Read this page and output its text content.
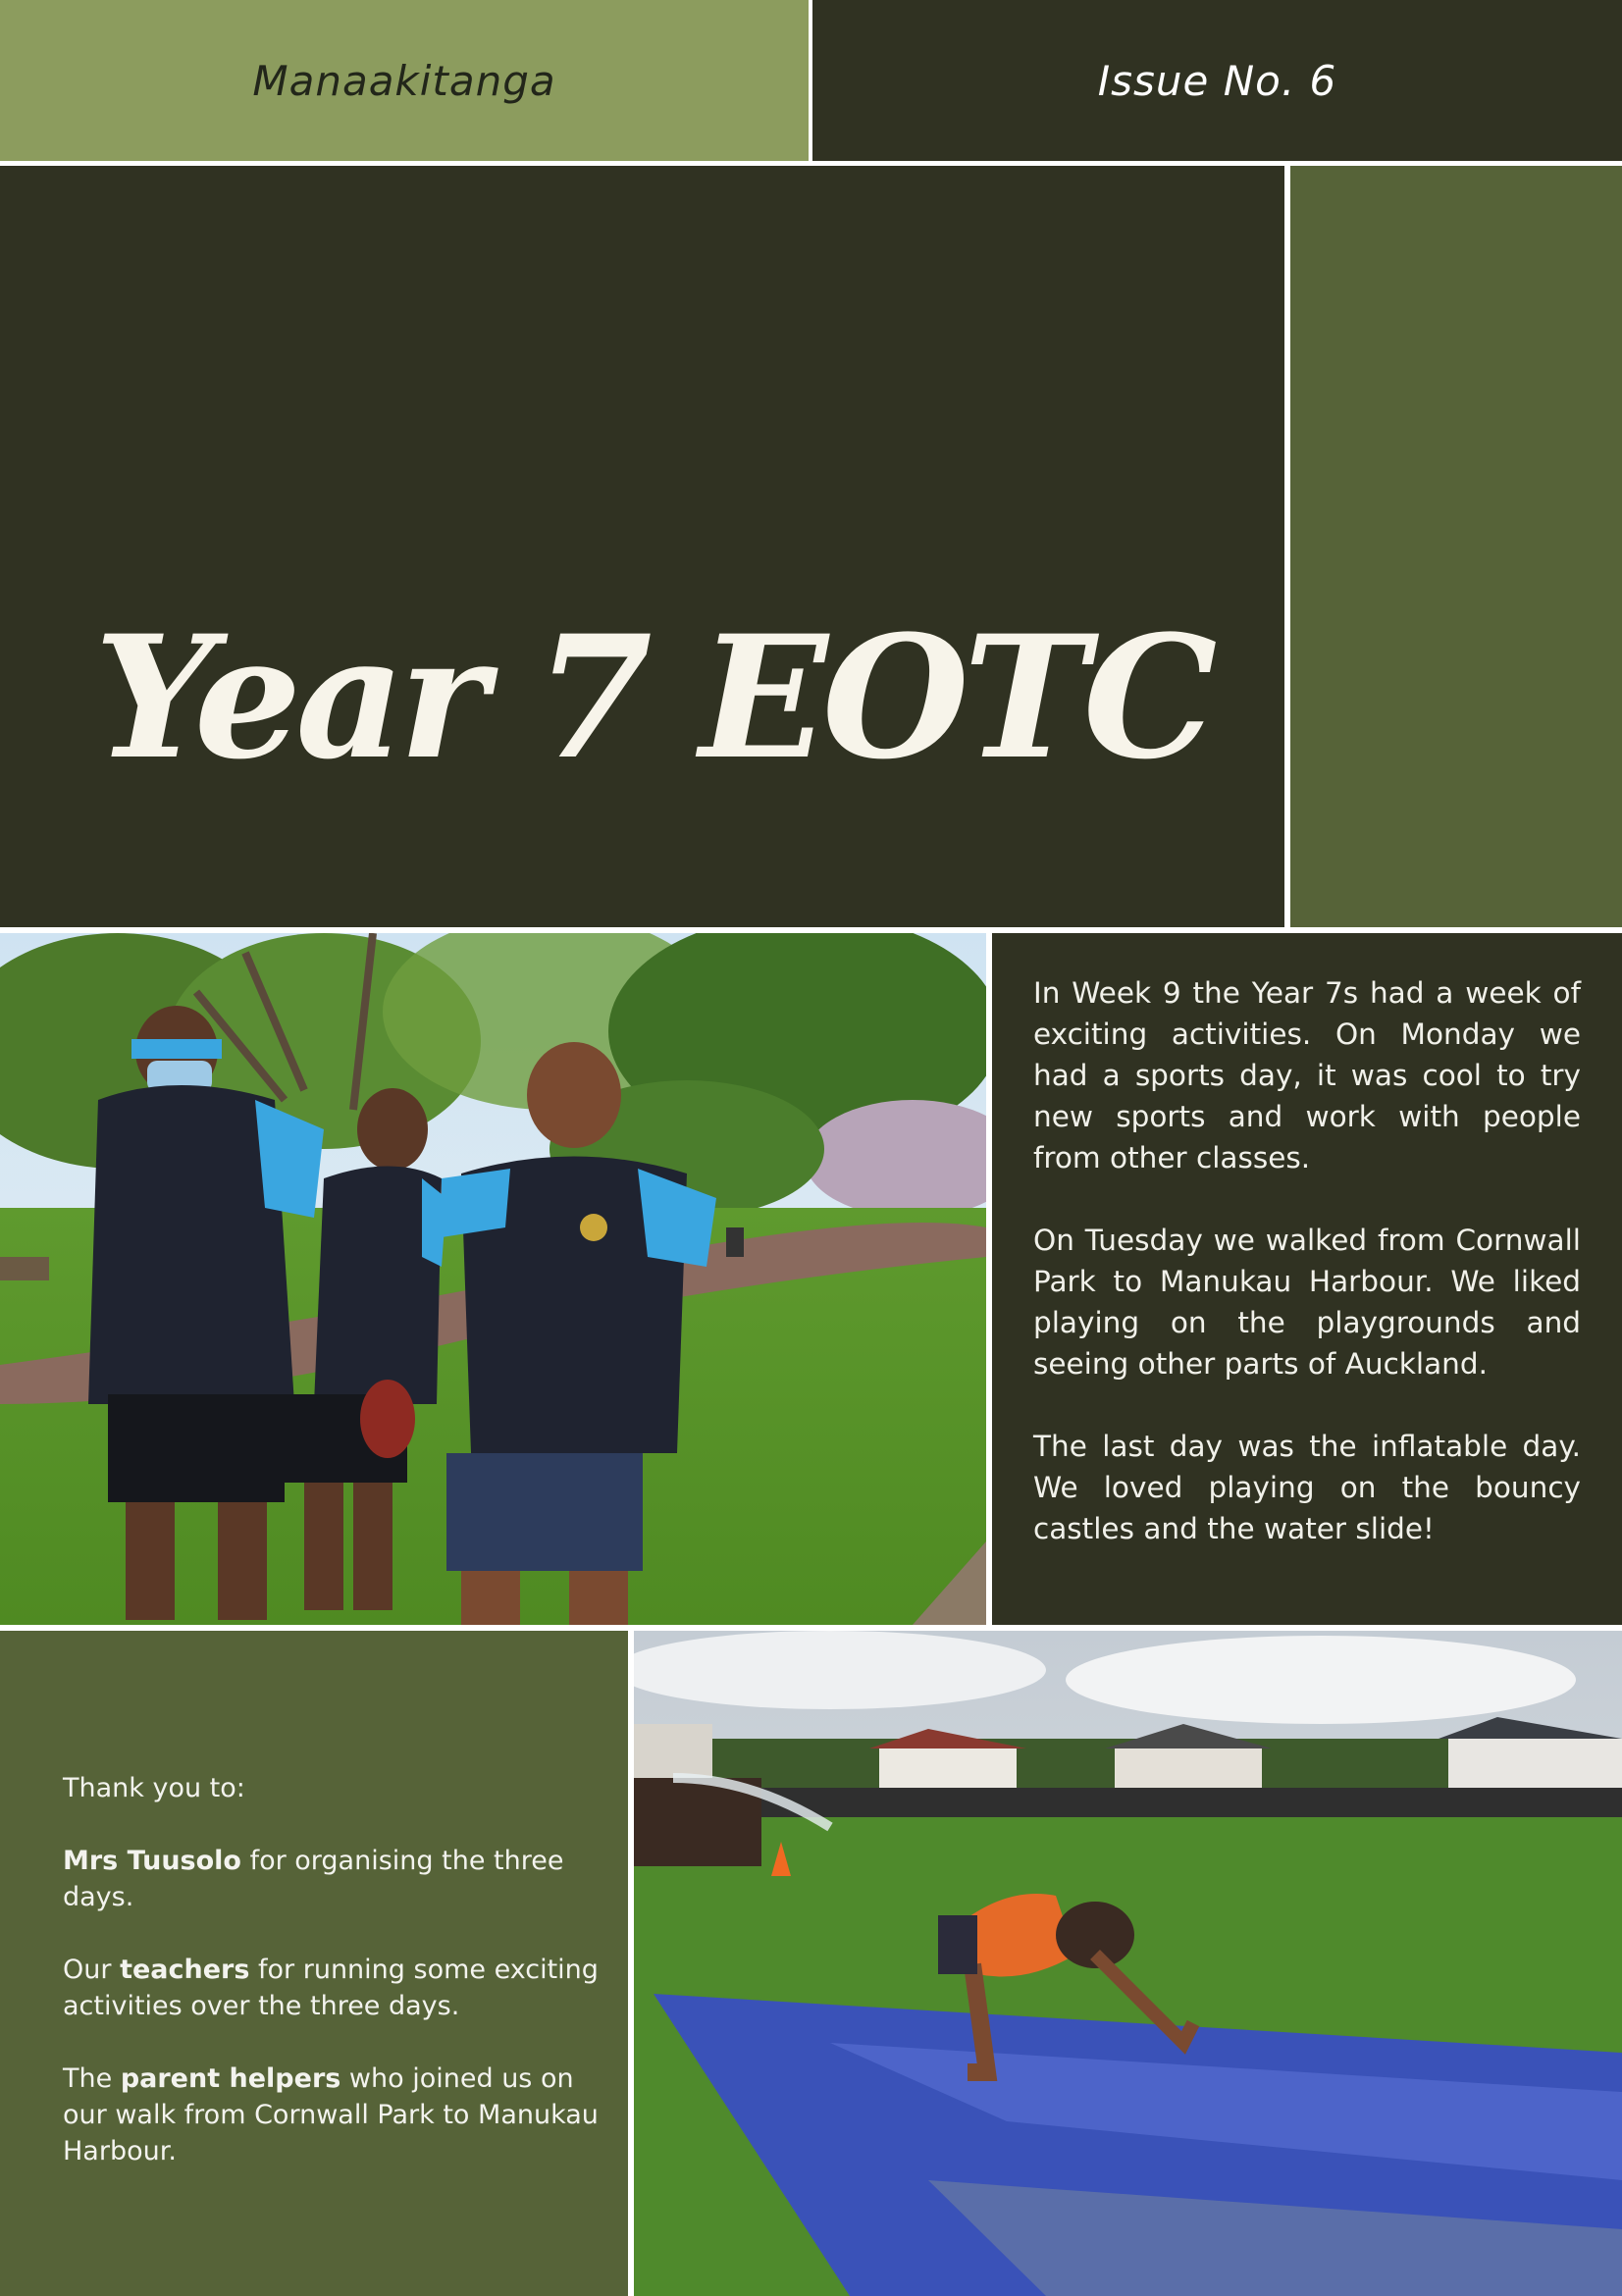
Manaakitanga	Issue No. 6
Year 7 EOTC

In Week 9 the Year 7s had a week of exciting activities. On Monday we had a sports day, it was cool to try new sports and work with people from other classes.

On Tuesday we walked from Cornwall Park to Manukau Harbour. We liked playing on the playgrounds and seeing other parts of Auckland.

The last day was the inflatable day. We loved playing on the bouncy castles and the water slide!

Thank you to:

Mrs Tuusolo for organising the three days.

Our teachers for running some exciting activities over the three days.

The parent helpers who joined us on our walk from Cornwall Park to Manukau Harbour.
